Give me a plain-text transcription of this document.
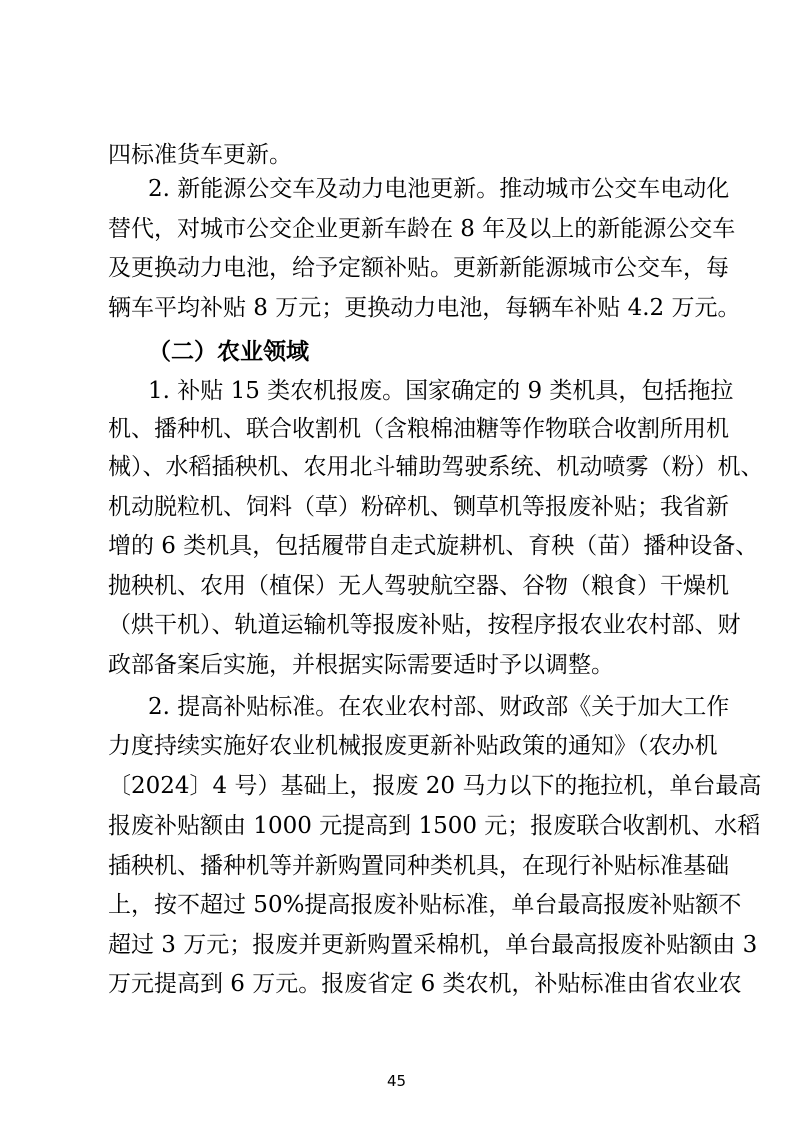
四标准货车更新。
2. 新能源公交车及动力电池更新。推动城市公交车电动化
替代，对城市公交企业更新车龄在 8 年及以上的新能源公交车
及更换动力电池，给予定额补贴。更新新能源城市公交车，每
辆车平均补贴 8 万元；更换动力电池，每辆车补贴 4.2 万元。
（二）农业领域
1. 补贴 15 类农机报废。国家确定的 9 类机具，包括拖拉
机、播种机、联合收割机（含粮棉油糖等作物联合收割所用机
械）、水稻插秧机、农用北斗辅助驾驶系统、机动喷雾（粉）机、
机动脱粒机、饲料（草）粉碎机、铡草机等报废补贴；我省新
增的 6 类机具，包括履带自走式旋耕机、育秧（苗）播种设备、
抛秧机、农用（植保）无人驾驶航空器、谷物（粮食）干燥机
（烘干机）、轨道运输机等报废补贴，按程序报农业农村部、财
政部备案后实施，并根据实际需要适时予以调整。
2. 提高补贴标准。在农业农村部、财政部《关于加大工作
力度持续实施好农业机械报废更新补贴政策的通知》（农办机
〔2024〕4 号）基础上，报废 20 马力以下的拖拉机，单台最高
报废补贴额由 1000 元提高到 1500 元；报废联合收割机、水稻
插秧机、播种机等并新购置同种类机具，在现行补贴标准基础
上，按不超过 50%提高报废补贴标准，单台最高报废补贴额不
超过 3 万元；报废并更新购置采棉机，单台最高报废补贴额由 3
万元提高到 6 万元。报废省定 6 类农机，补贴标准由省农业农
45
